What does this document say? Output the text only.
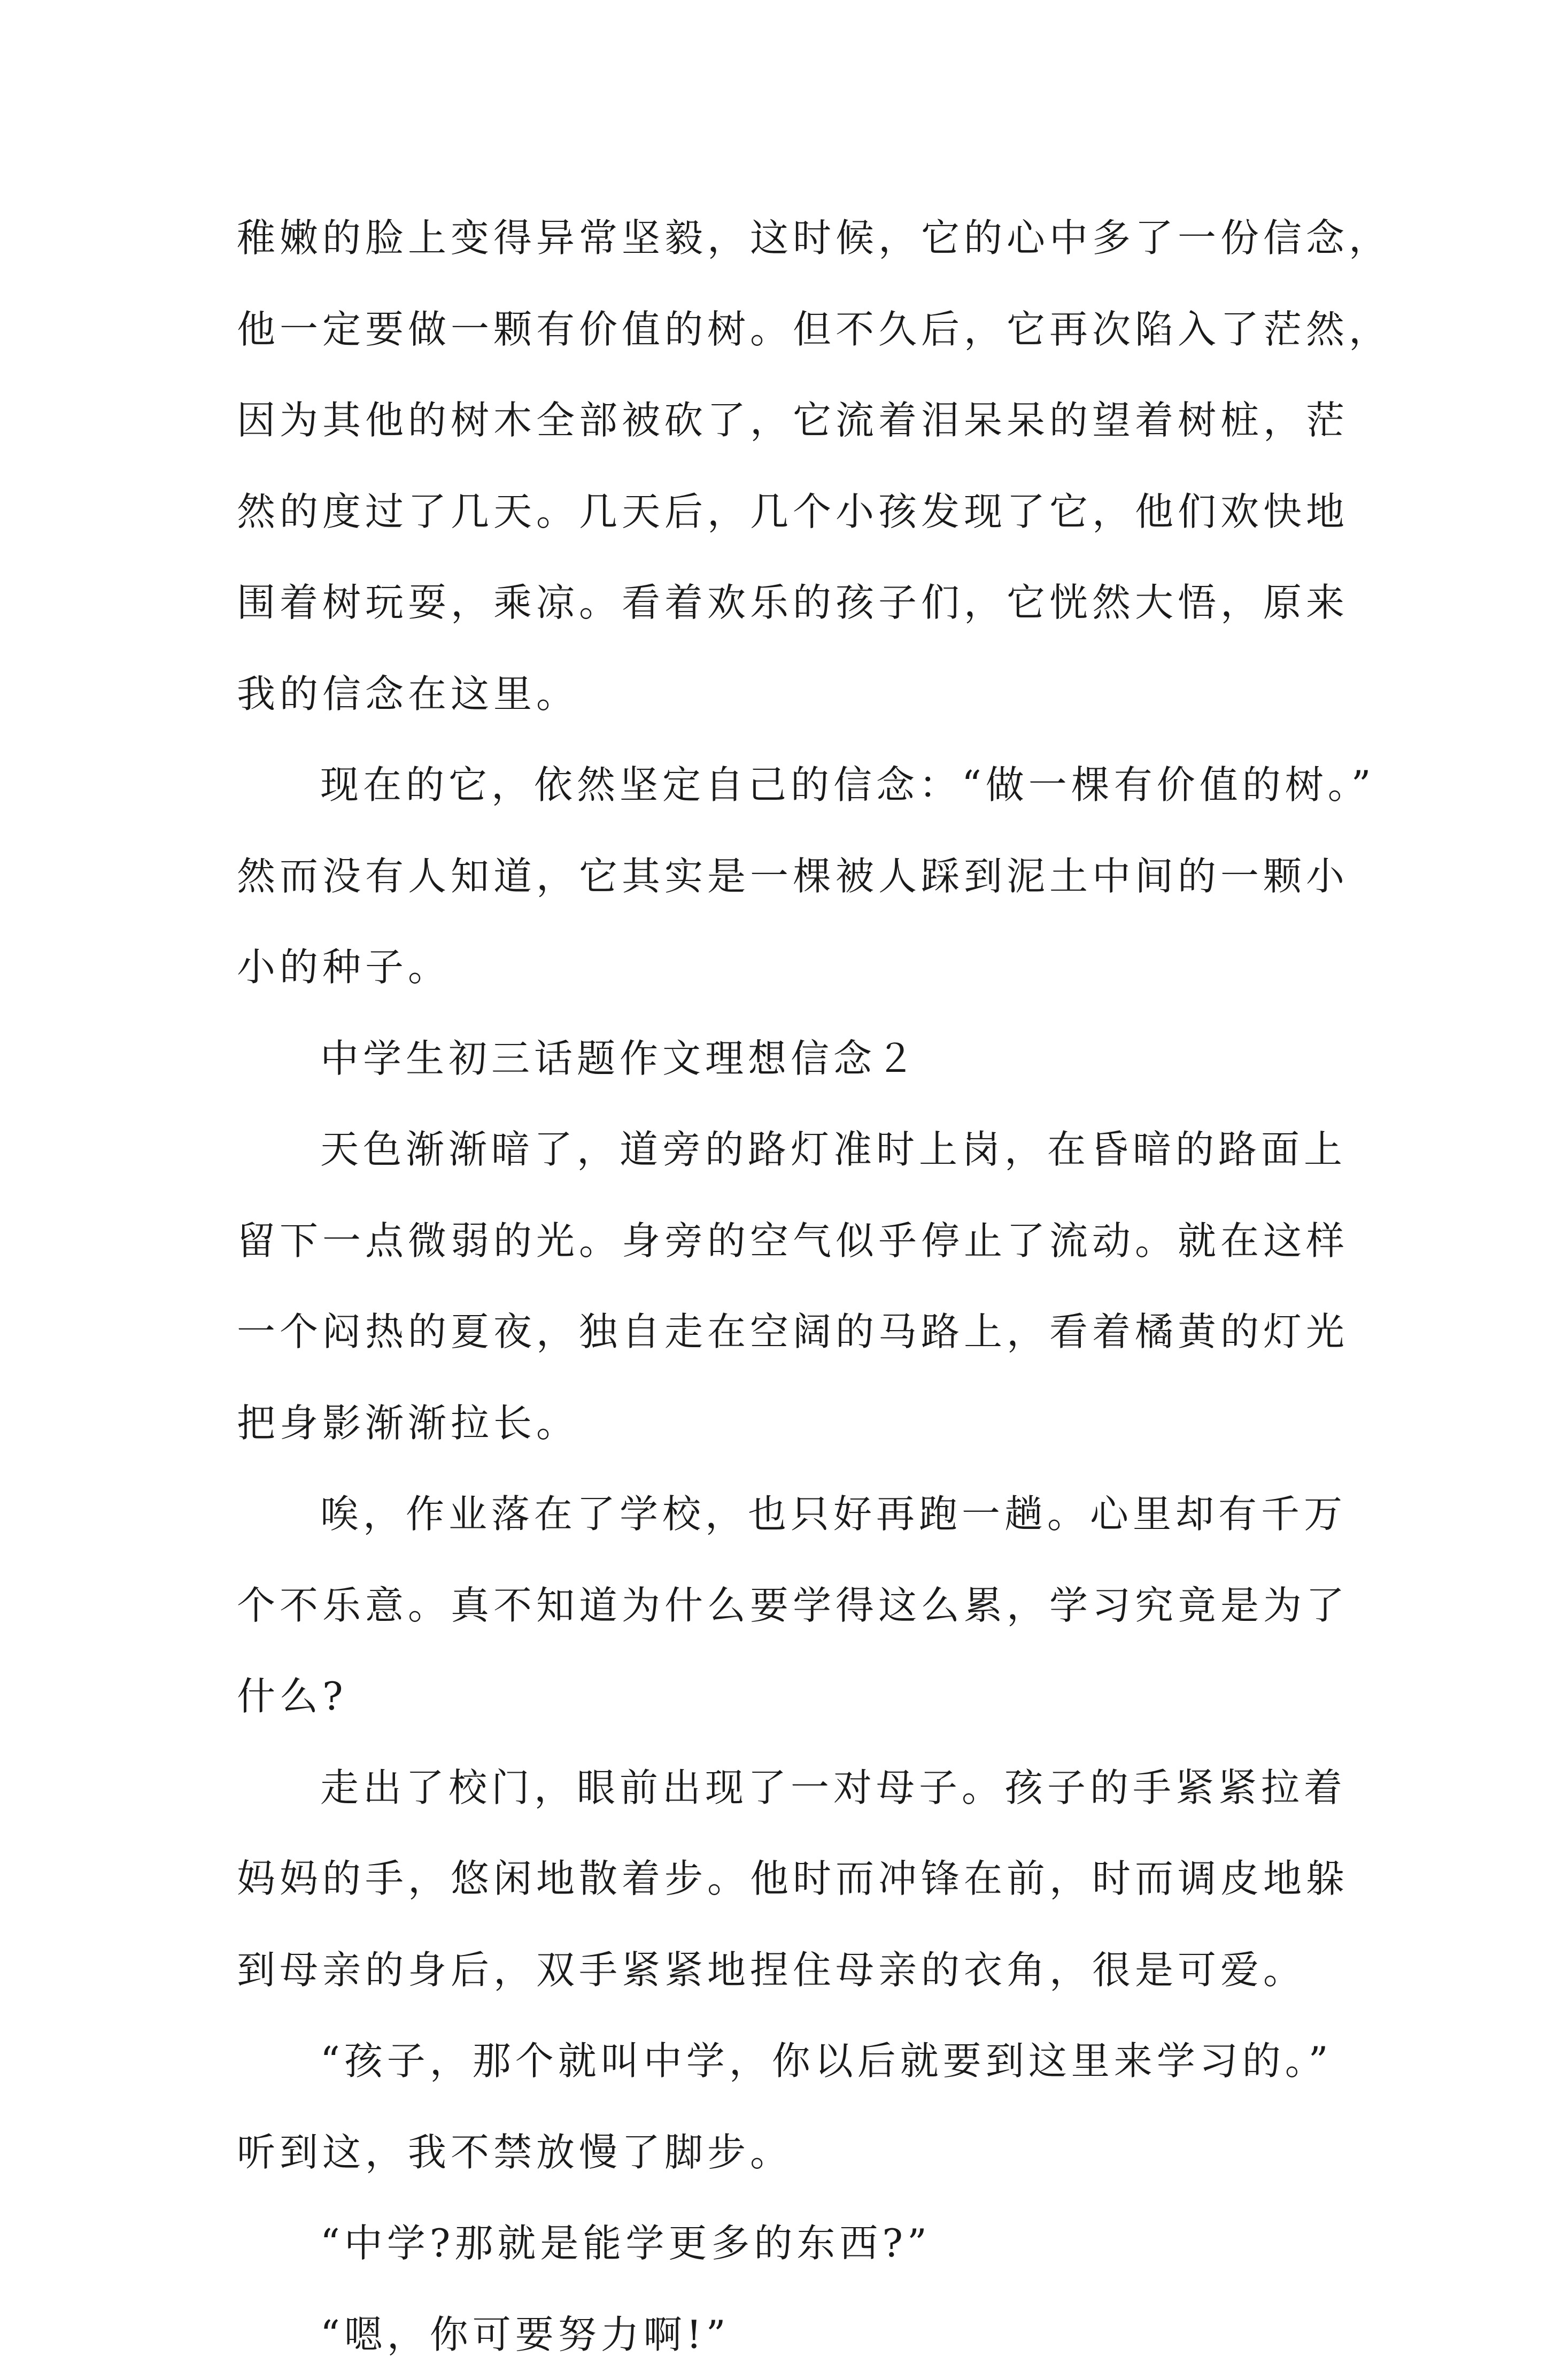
稚嫩的脸上变得异常坚毅，这时候，它的心中多了一份信念，
他一定要做一颗有价值的树。但不久后，它再次陷入了茫然，
因为其他的树木全部被砍了，它流着泪呆呆的望着树桩，茫
然的度过了几天。几天后，几个小孩发现了它，他们欢快地
围着树玩耍，乘凉。看着欢乐的孩子们，它恍然大悟，原来
我的信念在这里。
现在的它，依然坚定自己的信念：“做一棵有价值的树。”
然而没有人知道，它其实是一棵被人踩到泥土中间的一颗小
小的种子。
中学生初三话题作文理想信念２
天色渐渐暗了，道旁的路灯准时上岗，在昏暗的路面上
留下一点微弱的光。身旁的空气似乎停止了流动。就在这样
一个闷热的夏夜，独自走在空阔的马路上，看着橘黄的灯光
把身影渐渐拉长。
唉，作业落在了学校，也只好再跑一趟。心里却有千万
个不乐意。真不知道为什么要学得这么累，学习究竟是为了
什么?
走出了校门，眼前出现了一对母子。孩子的手紧紧拉着
妈妈的手，悠闲地散着步。他时而冲锋在前，时而调皮地躲
到母亲的身后，双手紧紧地捏住母亲的衣角，很是可爱。
“孩子，那个就叫中学，你以后就要到这里来学习的。”
听到这，我不禁放慢了脚步。
“中学?那就是能学更多的东西?”
“嗯，你可要努力啊!”
